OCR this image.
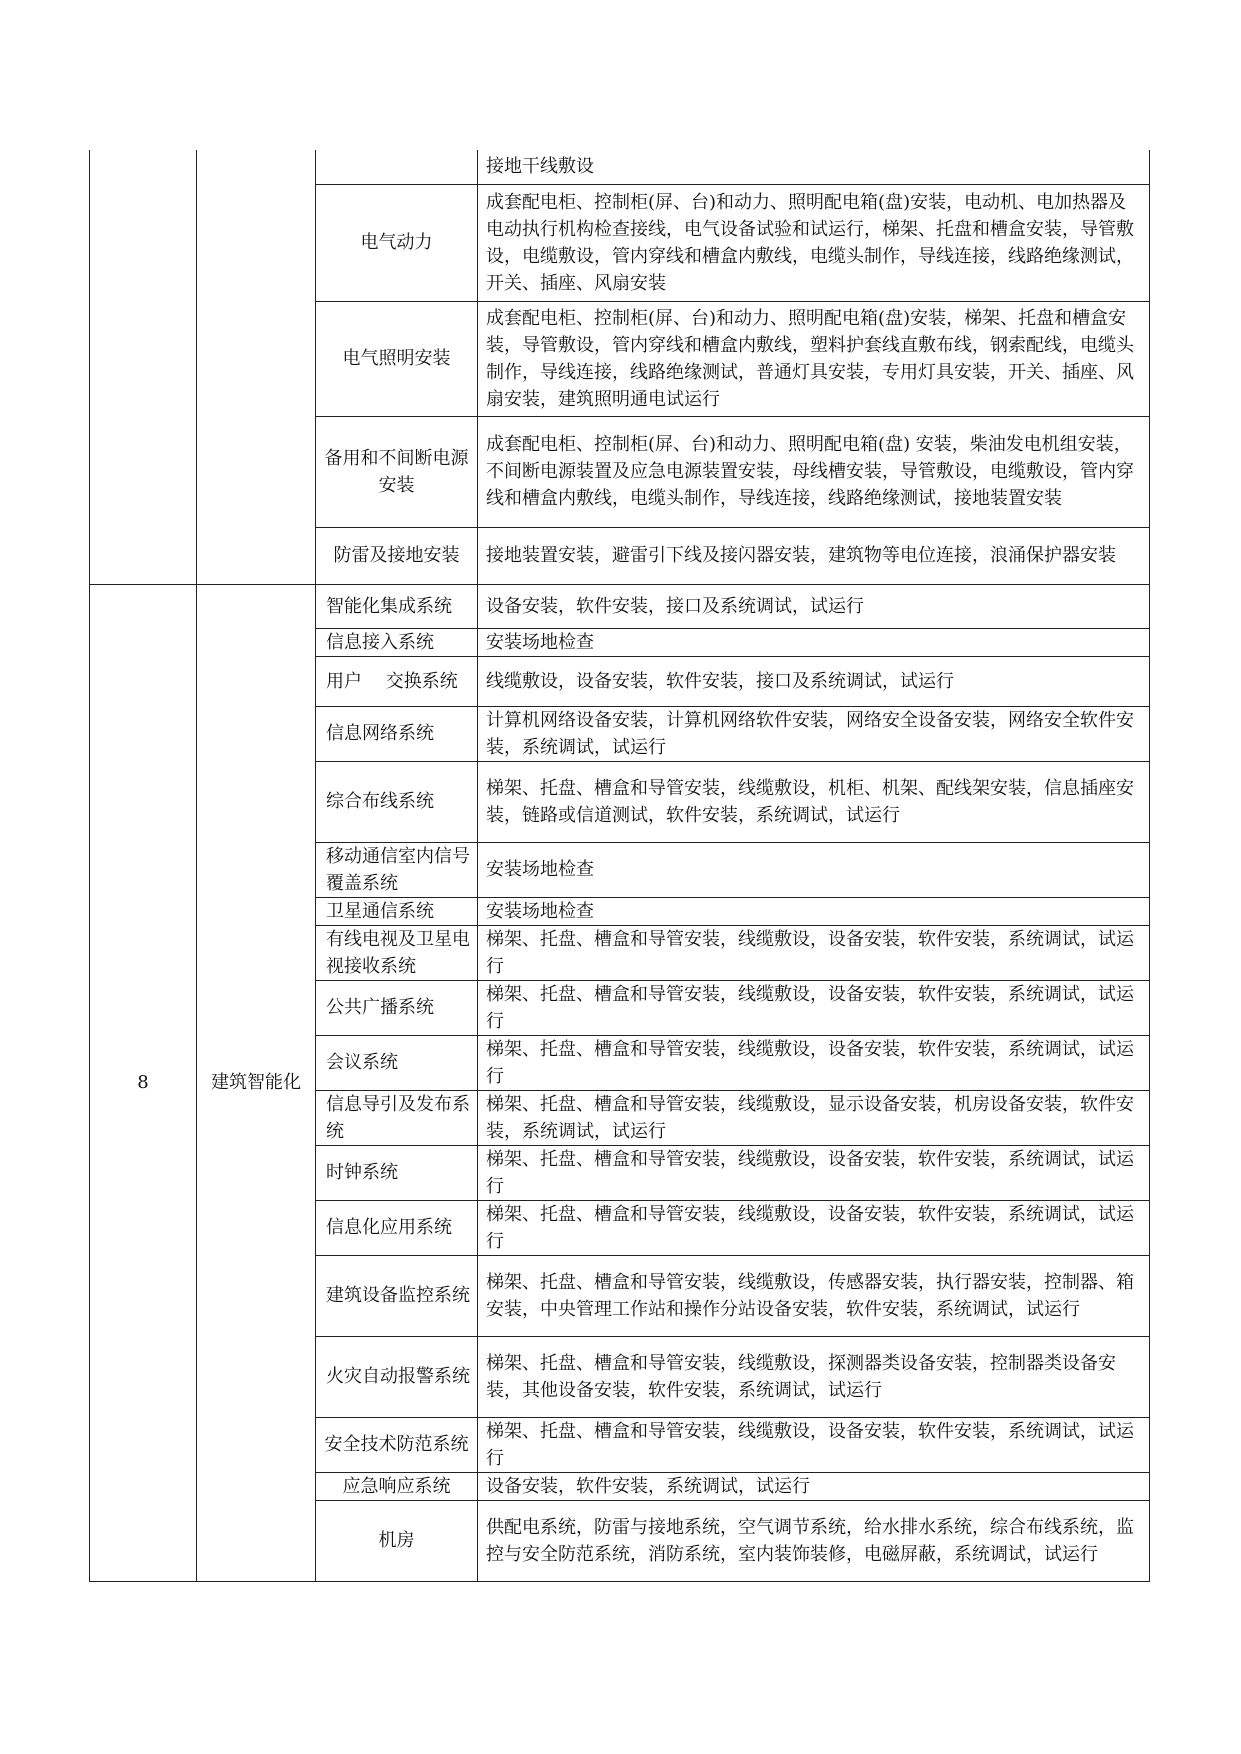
			接地干线敷设
		电气动力	成套配电柜、控制柜(屏、台)和动力、照明配电箱(盘)安装，电动机、电加热器及电动执行机构检查接线，电气设备试验和试运行，梯架、托盘和槽盒安装，导管敷设，电缆敷设，管内穿线和槽盒内敷线，电缆头制作，导线连接，线路绝缘测试，开关、插座、风扇安装
		电气照明安装	成套配电柜、控制柜(屏、台)和动力、照明配电箱(盘)安装，梯架、托盘和槽盒安装，导管敷设，管内穿线和槽盒内敷线，塑料护套线直敷布线，钢索配线，电缆头制作，导线连接，线路绝缘测试，普通灯具安装，专用灯具安装，开关、插座、风扇安装，建筑照明通电试运行
		备用和不间断电源安装	成套配电柜、控制柜(屏、台)和动力、照明配电箱(盘) 安装，柴油发电机组安装，不间断电源装置及应急电源装置安装，母线槽安装，导管敷设，电缆敷设，管内穿线和槽盒内敷线，电缆头制作，导线连接，线路绝缘测试，接地装置安装
		防雷及接地安装	接地装置安装，避雷引下线及接闪器安装，建筑物等电位连接，浪涌保护器安装
8	建筑智能化	智能化集成系统	设备安装，软件安装，接口及系统调试，试运行
		信息接入系统	安装场地检查
		用户　 交换系统	线缆敷设，设备安装，软件安装，接口及系统调试，试运行
		信息网络系统	计算机网络设备安装，计算机网络软件安装，网络安全设备安装，网络安全软件安装，系统调试，试运行
		综合布线系统	梯架、托盘、槽盒和导管安装，线缆敷设，机柜、机架、配线架安装，信息插座安装，链路或信道测试，软件安装，系统调试，试运行
		移动通信室内信号覆盖系统	安装场地检查
		卫星通信系统	安装场地检查
		有线电视及卫星电视接收系统	梯架、托盘、槽盒和导管安装，线缆敷设，设备安装，软件安装，系统调试，试运行
		公共广播系统	梯架、托盘、槽盒和导管安装，线缆敷设，设备安装，软件安装，系统调试，试运行
		会议系统	梯架、托盘、槽盒和导管安装，线缆敷设，设备安装，软件安装，系统调试，试运行
		信息导引及发布系统	梯架、托盘、槽盒和导管安装，线缆敷设，显示设备安装，机房设备安装，软件安装，系统调试，试运行
		时钟系统	梯架、托盘、槽盒和导管安装，线缆敷设，设备安装，软件安装，系统调试，试运行
		信息化应用系统	梯架、托盘、槽盒和导管安装，线缆敷设，设备安装，软件安装，系统调试，试运行
		建筑设备监控系统	梯架、托盘、槽盒和导管安装，线缆敷设，传感器安装，执行器安装，控制器、箱安装，中央管理工作站和操作分站设备安装，软件安装，系统调试，试运行
		火灾自动报警系统	梯架、托盘、槽盒和导管安装，线缆敷设，探测器类设备安装，控制器类设备安装，其他设备安装，软件安装，系统调试，试运行
		安全技术防范系统	梯架、托盘、槽盒和导管安装，线缆敷设，设备安装，软件安装，系统调试，试运行
		应急响应系统	设备安装，软件安装，系统调试，试运行
		机房	供配电系统，防雷与接地系统，空气调节系统，给水排水系统，综合布线系统，监控与安全防范系统，消防系统，室内装饰装修，电磁屏蔽，系统调试，试运行
